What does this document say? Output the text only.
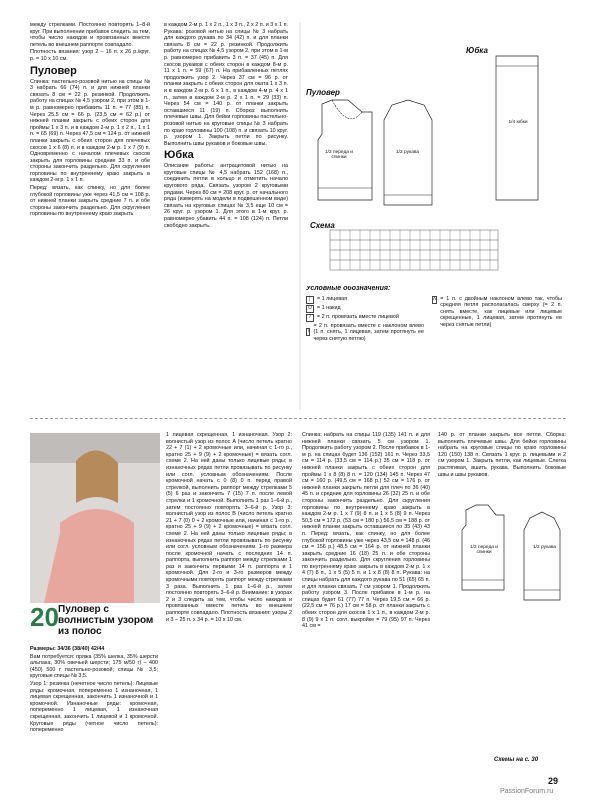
между стрелками. Постоянно повторять 1–8-й круг. При выполнении прибавок следить за тем, чтобы число накидов и провязанных вместе петель во внешнем раппорте совпадало.

Плотность вязания: узор 2 – 16 п. x 26 р./круг. р. = 10 x 10 см.

Пуловер

Спинка: пастельно-розовой нитью на спицы № 3 набрать 66 (74) п. и для нижней планки связать 8 см = 22 р. резинкой. Продолжить работу на спицах № 4,5 узором 2, при этом в 1-м р. равномерно прибавить 11 п. = 77 (85) п. Через 25,5 см = 66 р. (23,5 см = 62 р.) от нижней планки закрыть с обеих сторон для проймы 1 x 3 п. и в каждом 2-м р. 1 x 2 п., 1 x 1 п. = 65 (69) п. Через 47,5 см = 124 р. от нижней планки закрыть с обеих сторон для плечевых скосов 1 x 6 (8) п. и в каждом 2-м р. 1 x 7 (9) п. Одновременно с началом плечевых скосов закрыть для горловины средние 33 п. и обе стороны закончить раздельно. Для скругления горловины по внутреннему краю закрыть в каждом 2-м р. 1 x 1 п.

Перед: вязать, как спинку, но для более глубокой горловины уже через 41,5 см = 108 р. от нижней планки закрыть средние 7 п. и обе стороны закончить раздельно. Для скругления горловины по внутреннему краю закрыть

в каждом 2-м р. 1 x 2 п., 1 x 3 п., 2 x 2 п. и 3 x 1 п. Рукава: розовой нитью на спицы № 3 набрать для каждого рукава по 34 (42) п. и для планки связать 8 см = 22 р. резинкой. Продолжить работу на спицах № 4,5 узором 2, при этом в 1-м р. равномерно прибавить 3 п. = 37 (45) п. Для скосов рукавов с обеих сторон в каждом 8-м р. 11 x 1 п. = 59 (67) п. На прибавленных петлях продолжить узор 2. Через 37 см = 96 р. от планки закрыть с обеих сторон для оката 1 x 3 п. и в каждом 2-м р. 6 x 1 п., в каждом 4-м р. 4 x 1 п., затем в каждом 2-м р. 2 x 1 п. = 29 (33) п. Через 54 см = 140 р. от планки закрыть оставшиеся 11 (19) п. Сборка: выполнить плечевые швы. Для бейки горловины пастельно-розовой нитью на круговые спицы № 3 набрать по краю горловины 100 (108) п. и связать 10 круг. р. узором 1. Закрыть петли по рисунку. Выполнить швы рукавов и боковые швы.

Юбка

Описание работы: антрацитовой нитью на круговые спицы № 4,5 набрать 152 (168) п., соединить петли в кольцо и отметить начало кругового ряда. Связать узором 2 круговыми рядами. Через 80 см = 208 круг. р. от начального ряда (измерять на модели в подвешенном виде) связать на круговых спицах № 3,5 еще 10 см = 26 круг. р. узором 1. Для этого в 1-м круг. р. равномерно убавить 44 п. = 108 (124) п. Петли свободно закрыть.

Пуловер
Юбка
Схема
1/2 переда и спинки
1/2 рукава
1/4 юбки
Условные обозначения:
│	= 1 лицевая
U = 1 накид
⁄	= 2 п. провязать вместе лицевой
\
= 2 п. провязать вместе с наклоном влево (1 п. снять, 1 лицевая, затем протянуть ее через снятую петлю)
Λ = 1 п. с двойным наклоном влево так, чтобы средняя петля располагалась сверху (= 2 п. снять вместе, как лицевые или лицевые скрещенные, 1 лицевая, затем протянуть ее через снятые петли)
20 Пуловер с волнистым узором из полос

Размеры: 34/36 (38/40) 42/44

Вам потребуется: пряжа (35% шелка, 35% шерсти альпака, 30% овечьей шерсти; 175 м/50 г) – 400 (450) 500 г пастельно-розовой; спицы № 3,5; круговые спицы № 3,5.

Узор 1: резинка (нечетное число петель): Лицевые ряды: кромочная, попеременно 1 изнаночная, 1 лицевая скрещенная, закончить 1 изнаночной и 1 кромочной. Изнаночные ряды: кромочная, попеременно 1 лицевая, 1 изнаночная скрещенная, закончить 1 лицевой и 1 кромочной. Круговые ряды (четное число петель): попеременно

1 лицевая скрещенная, 1 изнаночная. Узор 2: волнистый узор из полос A (число петель кратно 22 + 7 (1) + 2 кромочные или, начиная с 1-го р., кратно 25 + 9 (9) + 2 кромочные) = вязать согл. схеме 2. На ней даны только лицевые ряды; в изнаночных рядах петли провязывать по рисунку или согл. условным обозначениям. После кромочной начать с 0 (8) 0 п. перед правой стрелкой, выполнить раппорт между стрелками 5 (5) 6 раз и закончить 7 (15) 7 п. после левой стрелки и 1 кромочной. Выполнить 1 раз 1–6-й р., затем постоянно повторять 3–6-й р. Узор 3: волнистый узор из полос B (число петель кратно 21 + 7 (0) 0 + 2 кромочные или, начиная с 1-го р., кратно 25 + 9 (9) + 2 кромочные) = вязать согл. схеме 2. На ней даны только лицевые ряды; в изнаночных рядах петли провязывать по рисунку или согл. условным обозначениям. 1-го размера после кромочной начать с последних 14 п. раппорта, выполнить раппорт между стрелками 1 раз и закончить первыми 14 п. раппорта и 1 кромочной. Для 2-го и 3-го размеров между кромочными повторять раппорт между стрелками 3 раза. Выполнить 1 раз 1–6-й р., затем постоянно повторять 3–6-й р. Внимание: в узорах 2 и 3 следить за тем, чтобы число накидов и провязанных вместе петель во внешнем раппорте совпадало. Плотность вязания: узоры 2 и 3 – 25 п. x 34 р. = 10 x 10 см.

Спинка: набрать на спицы 119 (135) 141 п. и для нижней планки связать 5 см узором 1. Продолжить работу узором 2. После прибавок в 1-м р. на спицах будет 136 (152) 161 п. Через 33,5 см = 114 р. (33,5 см = 114 р.) 35 см = 118 р. от нижней планки закрыть с обеих сторон для проймы 1 x 8 (8) 8 п. = 120 (134) 145 п. Через 47 см = 160 р. (49,5 см = 168 р.) 52 см = 176 р. от нижней планки закрыть петли для плеч по 36 (40) 45 п. и средние для горловины 26 (32) 25 п. и обе стороны закончить раздельно. Для скругления горловины по внутреннему краю закрыть в каждом 2-м р. 1 x 7 (9) 8 п. и 1 x 5 (8) 9 п. Через 50,5 см = 172 р. (53 см = 180 р.) 56,5 см = 188 р. от нижней планки закрыть оставшиеся по 35 (43) 43 п. Перед: вязать, как спинку, но для более глубокой горловины уже через 43,5 см = 148 р. (46 см = 156 р.) 48,5 см = 164 р. от нижней планки закрыть средние 16 (18) 25 п. и обе стороны закончить раздельно. Для скругления горловины по внутреннему краю закрыть в каждом 2-м р. 1 x 4 (7) 8 п., 1 x 5 (5) 5 п. и 1 x 8 (8) 8 п. Рукава: на спицы набрать для каждого рукава по 51 (65) 65 п. и для планки связать 7 см узором 1. Продолжить работу узором 3. После прибавок в 1-м р. на спицах будет 61 (77) 77 п. Через 19,5 см = 66 р. (22,5 см = 76 р.) 17 см = 58 р. от планки закрыть с обеих сторон для скосов 1 x 1 п., в каждом 2-м р. 8 (9) 9 x 1 п. согл. выкройке = 79 (95) 97 п. Через 41 см =

140 р. от планки закрыть все петли. Сборка: выполнить плечевые швы. Для бейки горловины набрать на круговые спицы по краю горловины 120 (150) 138 п. Связать 1 круг. р. лицевыми и 2 см узором 1. Закрыть петли, как лицевые. Слегка растягивая, вшить рукава. Выполнить боковые швы и швы рукавов.

1/2 переда и спинки
1/2 рукава
Схемы на с. 30
29
PassionForum.ru
